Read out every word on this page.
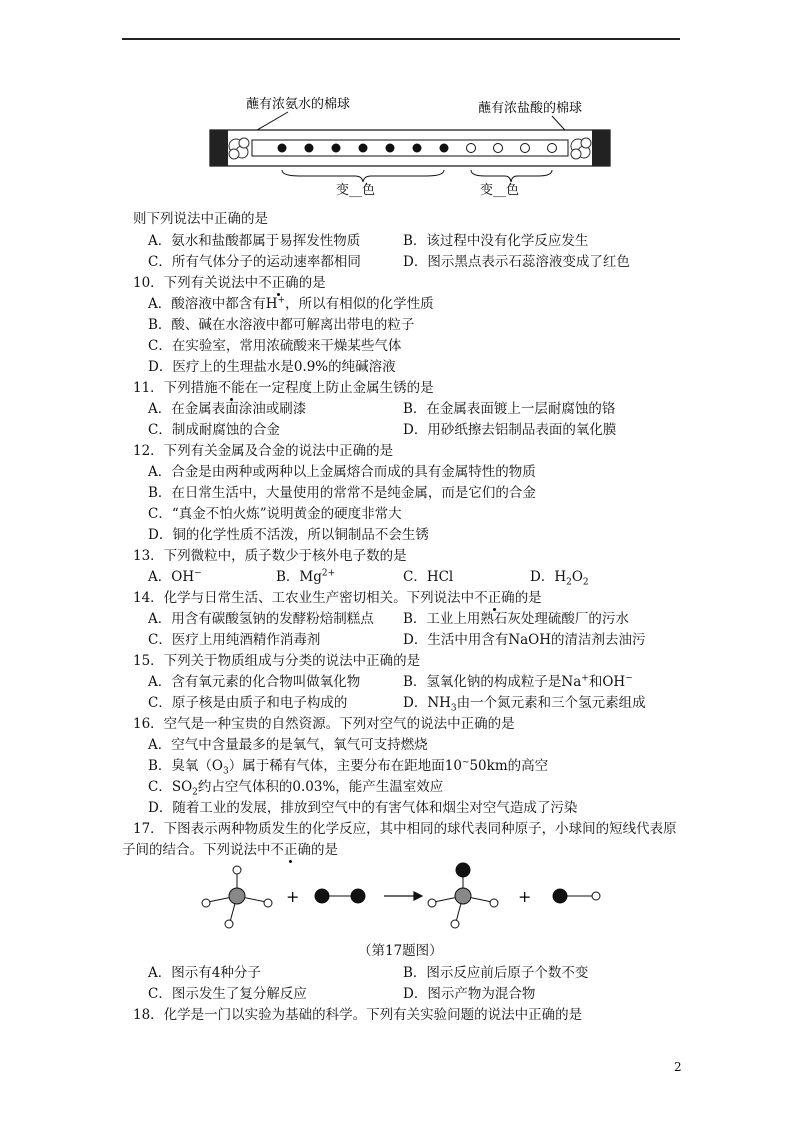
蘸有浓氨水的棉球	蘸有浓盐酸的棉球
变__色	变__色
则下列说法中正确的是
A．氨水和盐酸都属于易挥发性物质	B．该过程中没有化学反应发生
C．所有气体分子的运动速率都相同	D．图示黑点表示石蕊溶液变成了红色
10．下列有关说法中不正确的是
A．酸溶液中都含有H+，所以有相似的化学性质
B．酸、碱在水溶液中都可解离出带电的粒子
C．在实验室，常用浓硫酸来干燥某些气体
D．医疗上的生理盐水是0.9%的纯碱溶液
11．下列措施不能在一定程度上防止金属生锈的是
A．在金属表面涂油或刷漆	B．在金属表面镀上一层耐腐蚀的铬
C．制成耐腐蚀的合金	D．用砂纸擦去铝制品表面的氧化膜
12．下列有关金属及合金的说法中正确的是
A．合金是由两种或两种以上金属熔合而成的具有金属特性的物质
B．在日常生活中，大量使用的常常不是纯金属，而是它们的合金
C．“真金不怕火炼”说明黄金的硬度非常大
D．铜的化学性质不活泼，所以铜制品不会生锈
13．下列微粒中，质子数少于核外电子数的是
A．OH−	B．$Mg^{2+}$	C．HCl	D．$H_2O_2$
14．化学与日常生活、工农业生产密切相关。下列说法中不正确的是
A．用含有碳酸氢钠的发酵粉焙制糕点 B．工业上用熟石灰处理硫酸厂的污水
C．医疗上用纯酒精作消毒剂	D．生活中用含有NaOH的清洁剂去油污
15．下列关于物质组成与分类的说法中正确的是
A．含有氧元素的化合物叫做氧化物	B．氢氧化钠的构成粒子是Na+和OH−
C．原子核是由质子和电子构成的	D．$NH_3$由一个氮元素和三个氢元素组成
16．空气是一种宝贵的自然资源。下列对空气的说法中正确的是
A．空气中含量最多的是氧气，氧气可支持燃烧
B．臭氧$(O_3)$属于稀有气体，主要分布在距地面10~50km的高空
C．$SO_2$约占空气体积的0.03%，能产生温室效应
D．随着工业的发展，排放到空气中的有害气体和烟尘对空气造成了污染
17．下图表示两种物质发生的化学反应，其中相同的球代表同种原子，小球间的短线代表原
子间的结合。下列说法中不正确的是
+	+
（第17题图）
A．图示有4种分子	B．图示反应前后原子个数不变
C．图示发生了复分解反应	D．图示产物为混合物
18．化学是一门以实验为基础的科学。下列有关实验问题的说法中正确的是
2
